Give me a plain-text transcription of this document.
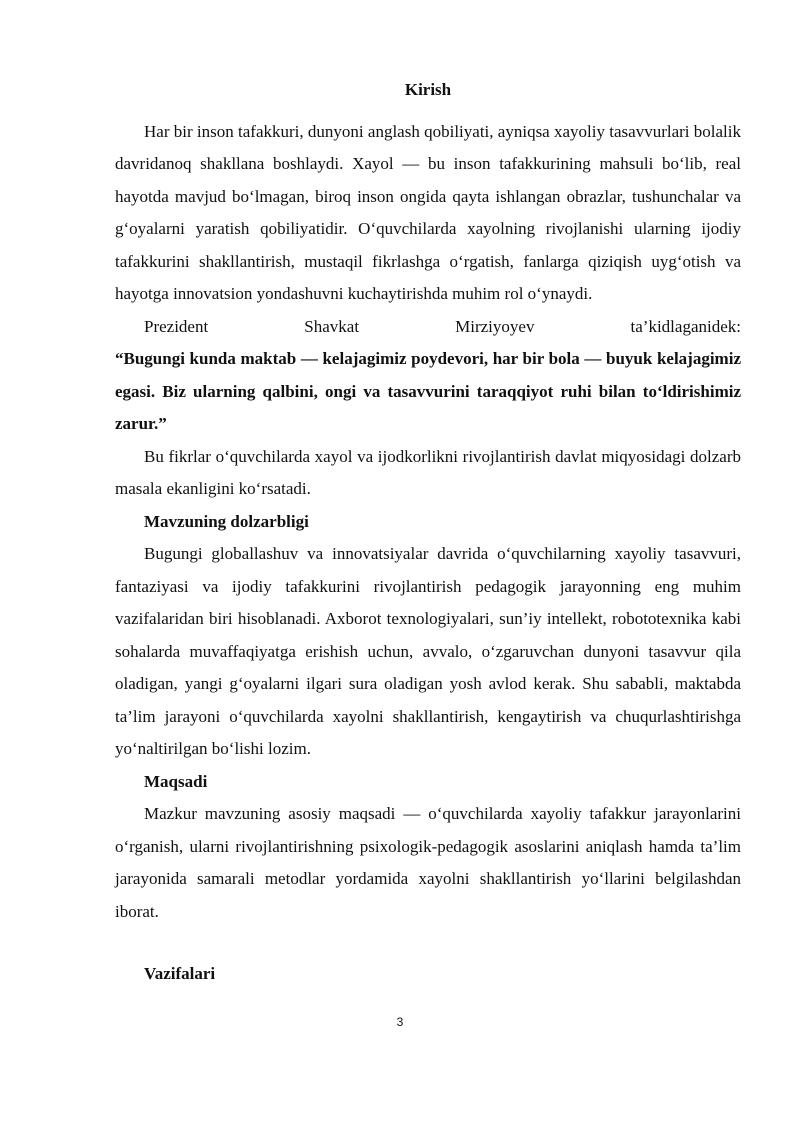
Kirish

Har bir inson tafakkuri, dunyoni anglash qobiliyati, ayniqsa xayoliy tasavvurlari bolalik davridanoq shakllana boshlaydi. Xayol — bu inson tafakkurining mahsuli bo‘lib, real hayotda mavjud bo‘lmagan, biroq inson ongida qayta ishlangan obrazlar, tushunchalar va g‘oyalarni yaratish qobiliyatidir. O‘quvchilarda xayolning rivojlanishi ularning ijodiy tafakkurini shakllantirish, mustaqil fikrlashga o‘rgatish, fanlarga qiziqish uyg‘otish va hayotga innovatsion yondashuvni kuchaytirishda muhim rol o‘ynaydi.

Prezident Shavkat Mirziyoyev ta’kidlaganidek:

“Bugungi kunda maktab — kelajagimiz poydevori, har bir bola — buyuk kelajagimiz egasi. Biz ularning qalbini, ongi va tasavvurini taraqqiyot ruhi bilan to‘ldirishimiz zarur.”

Bu fikrlar o‘quvchilarda xayol va ijodkorlikni rivojlantirish davlat miqyosidagi dolzarb masala ekanligini ko‘rsatadi.

Mavzuning dolzarbligi

Bugungi globallashuv va innovatsiyalar davrida o‘quvchilarning xayoliy tasavvuri, fantaziyasi va ijodiy tafakkurini rivojlantirish pedagogik jarayonning eng muhim vazifalaridan biri hisoblanadi. Axborot texnologiyalari, sun’iy intellekt, robototexnika kabi sohalarda muvaffaqiyatga erishish uchun, avvalo, o‘zgaruvchan dunyoni tasavvur qila oladigan, yangi g‘oyalarni ilgari sura oladigan yosh avlod kerak. Shu sababli, maktabda ta’lim jarayoni o‘quvchilarda xayolni shakllantirish, kengaytirish va chuqurlashtirishga yo‘naltirilgan bo‘lishi lozim.

Maqsadi

Mazkur mavzuning asosiy maqsadi — o‘quvchilarda xayoliy tafakkur jarayonlarini o‘rganish, ularni rivojlantirishning psixologik-pedagogik asoslarini aniqlash hamda ta’lim jarayonida samarali metodlar yordamida xayolni shakllantirish yo‘llarini belgilashdan iborat.

Vazifalari
3
